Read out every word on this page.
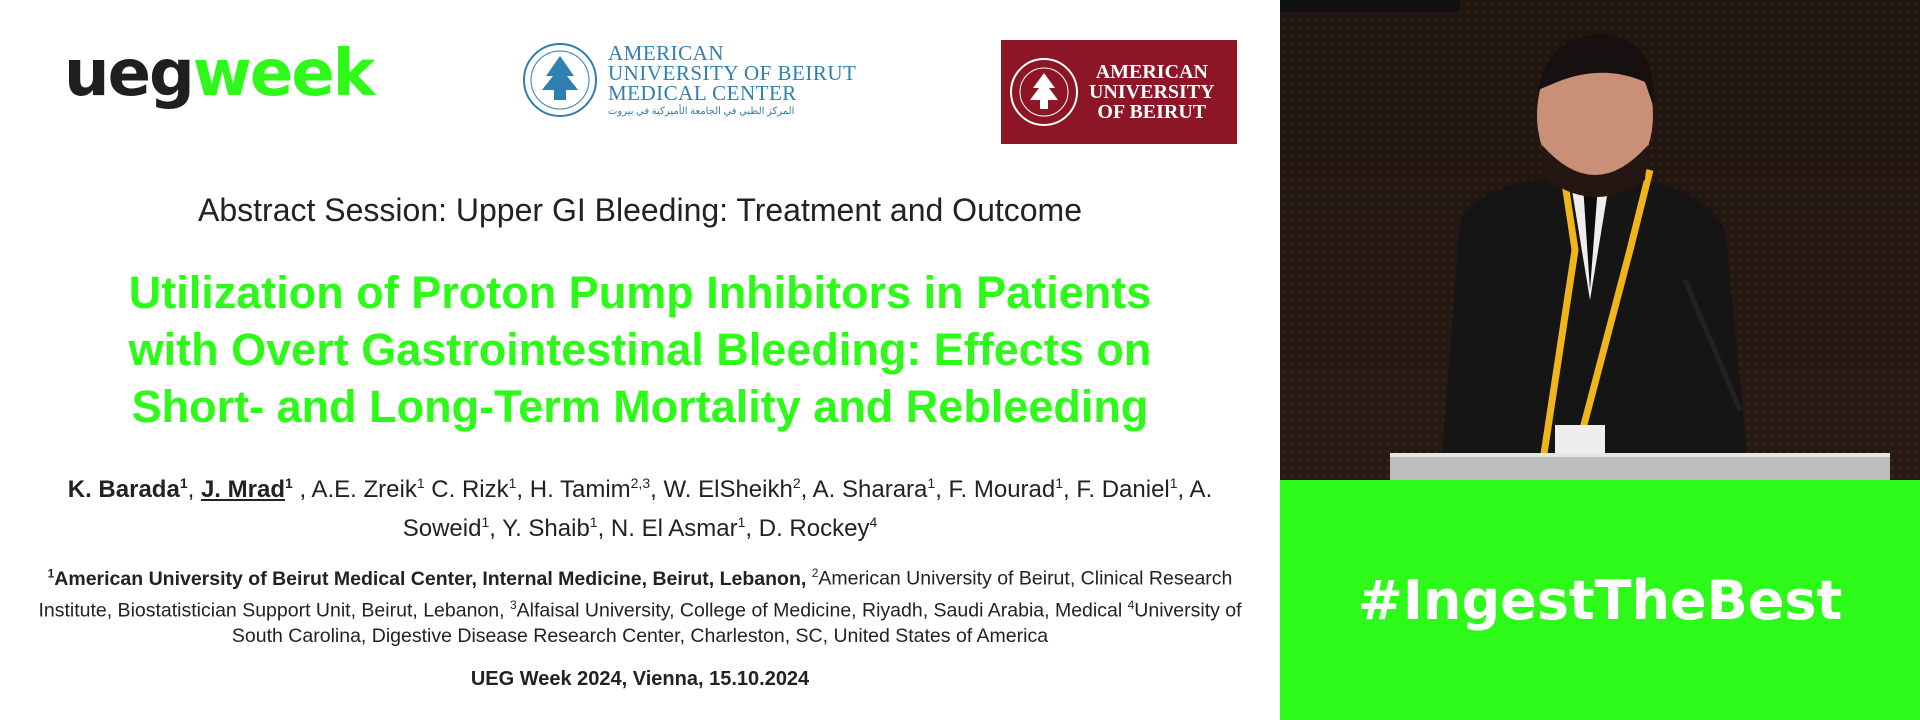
uegweek	AMERICAN
UNIVERSITY OF BEIRUT
MEDICAL CENTER
المركز الطبي في الجامعة الأميركية في بيروت
AMERICAN
UNIVERSITY
OF BEIRUT
Abstract Session: Upper GI Bleeding: Treatment and Outcome
Utilization of Proton Pump Inhibitors in Patients
with Overt Gastrointestinal Bleeding: Effects on
Short- and Long-Term Mortality and Rebleeding
K. Barada$^1$, J. Mrad$^1$ , A.E. Zreik$^1$ C. Rizk$^1$, H. Tamim$^{2,3}$, W. ElSheikh$^2$, A. Sharara$^1$, F. Mourad$^1$, F. Daniel$^1$, A. Soweid$^1$, Y. Shaib$^1$, N. El Asmar$^1$, D. Rockey$^4$
$^1$American University of Beirut Medical Center, Internal Medicine, Beirut, Lebanon, $^2$American University of Beirut, Clinical Research Institute, Biostatistician Support Unit, Beirut, Lebanon, $^3$Alfaisal University, College of Medicine, Riyadh, Saudi Arabia, Medical $^4$University of South Carolina, Digestive Disease Research Center, Charleston, SC, United States of America
UEG Week 2024, Vienna, 15.10.2024
#IngestTheBest
